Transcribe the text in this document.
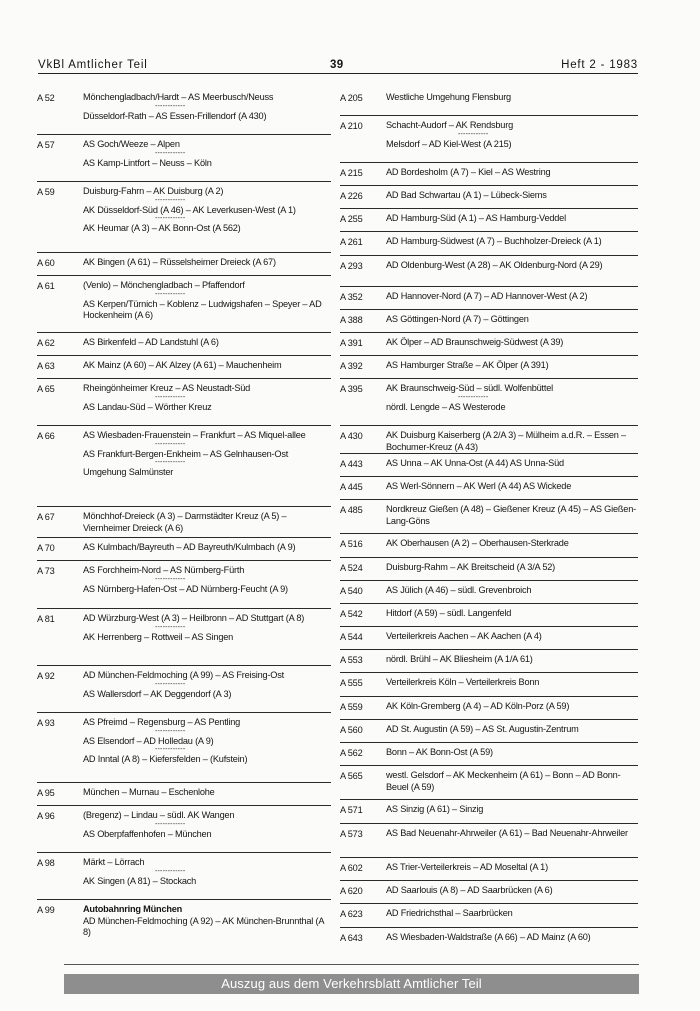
VkBl Amtlicher Teil	39	Heft 2 - 1983
A 52	Mönchengladbach/Hardt – AS Meerbusch/Neuss
------------
Düsseldorf-Rath – AS Essen-Frillendorf (A 430)
A 57	AS Goch/Weeze – Alpen
------------
AS Kamp-Lintfort – Neuss – Köln
A 59	Duisburg-Fahrn – AK Duisburg (A 2)
------------
AK Düsseldorf-Süd (A 46) – AK Leverkusen-West (A 1)
------------
AK Heumar (A 3) – AK Bonn-Ost (A 562)
A 60	AK Bingen (A 61) – Rüsselsheimer Dreieck (A 67)
A 61	(Venlo) – Mönchengladbach – Pfaffendorf
------------
AS Kerpen/Türnich – Koblenz – Ludwigshafen – Speyer – AD Hockenheim (A 6)
A 62	AS Birkenfeld – AD Landstuhl (A 6)
A 63	AK Mainz (A 60) – AK Alzey (A 61) – Mauchenheim
A 65	Rheingönheimer Kreuz – AS Neustadt-Süd
------------
AS Landau-Süd – Wörther Kreuz
A 66	AS Wiesbaden-Frauenstein – Frankfurt – AS Miquel-allee
------------
AS Frankfurt-Bergen-Enkheim – AS Gelnhausen-Ost
------------
Umgehung Salmünster
A 67	Mönchhof-Dreieck (A 3) – Darmstädter Kreuz (A 5) – Viernheimer Dreieck (A 6)
A 70	AS Kulmbach/Bayreuth – AD Bayreuth/Kulmbach (A 9)
A 73	AS Forchheim-Nord – AS Nürnberg-Fürth
------------
AS Nürnberg-Hafen-Ost – AD Nürnberg-Feucht (A 9)
A 81	AD Würzburg-West (A 3) – Heilbronn – AD Stuttgart (A 8)
------------
AK Herrenberg – Rottweil – AS Singen
A 92	AD München-Feldmoching (A 99) – AS Freising-Ost
------------
AS Wallersdorf – AK Deggendorf (A 3)
A 93	AS Pfreimd – Regensburg – AS Pentling
------------
AS Elsendorf – AD Holledau (A 9)
------------
AD Inntal (A 8) – Kiefersfelden – (Kufstein)
A 95	München – Murnau – Eschenlohe
A 96	(Bregenz) – Lindau – südl. AK Wangen
------------
AS Oberpfaffenhofen – München
A 98	Märkt – Lörrach
------------
AK Singen (A 81) – Stockach
A 99	Autobahnring München
AD München-Feldmoching (A 92) – AK München-Brunnthal (A 8)
A 205	Westliche Umgehung Flensburg
A 210	Schacht-Audorf – AK Rendsburg
------------
Melsdorf – AD Kiel-West (A 215)
A 215	AD Bordesholm (A 7) – Kiel – AS Westring
A 226	AD Bad Schwartau (A 1) – Lübeck-Siems
A 255	AD Hamburg-Süd (A 1) – AS Hamburg-Veddel
A 261	AD Hamburg-Südwest (A 7) – Buchholzer-Dreieck (A 1)
A 293	AD Oldenburg-West (A 28) – AK Oldenburg-Nord (A 29)
A 352	AD Hannover-Nord (A 7) – AD Hannover-West (A 2)
A 388	AS Göttingen-Nord (A 7) – Göttingen
A 391	AK Ölper – AD Braunschweig-Südwest (A 39)
A 392	AS Hamburger Straße – AK Ölper (A 391)
A 395	AK Braunschweig-Süd – südl. Wolfenbüttel
------------
nördl. Lengde – AS Westerode
A 430	AK Duisburg Kaiserberg (A 2/A 3) – Mülheim a.d.R. – Essen – Bochumer-Kreuz (A 43)
A 443	AS Unna – AK Unna-Ost (A 44) AS Unna-Süd
A 445	AS Werl-Sönnern – AK Werl (A 44) AS Wickede
A 485	Nordkreuz Gießen (A 48) – Gießener Kreuz (A 45) – AS Gießen-Lang-Göns
A 516	AK Oberhausen (A 2) – Oberhausen-Sterkrade
A 524	Duisburg-Rahm – AK Breitscheid (A 3/A 52)
A 540	AS Jülich (A 46) – südl. Grevenbroich
A 542	Hitdorf (A 59) – südl. Langenfeld
A 544	Verteilerkreis Aachen – AK Aachen (A 4)
A 553	nördl. Brühl – AK Bliesheim (A 1/A 61)
A 555	Verteilerkreis Köln – Verteilerkreis Bonn
A 559	AK Köln-Gremberg (A 4) – AD Köln-Porz (A 59)
A 560	AD St. Augustin (A 59) – AS St. Augustin-Zentrum
A 562	Bonn – AK Bonn-Ost (A 59)
A 565	westl. Gelsdorf – AK Meckenheim (A 61) – Bonn – AD Bonn-Beuel (A 59)
A 571	AS Sinzig (A 61) – Sinzig
A 573	AS Bad Neuenahr-Ahrweiler (A 61) – Bad Neuenahr-Ahrweiler
A 602	AS Trier-Verteilerkreis – AD Moseltal (A 1)
A 620	AD Saarlouis (A 8) – AD Saarbrücken (A 6)
A 623	AD Friedrichsthal – Saarbrücken
A 643	AS Wiesbaden-Waldstraße (A 66) – AD Mainz (A 60)
Auszug aus dem Verkehrsblatt Amtlicher Teil
